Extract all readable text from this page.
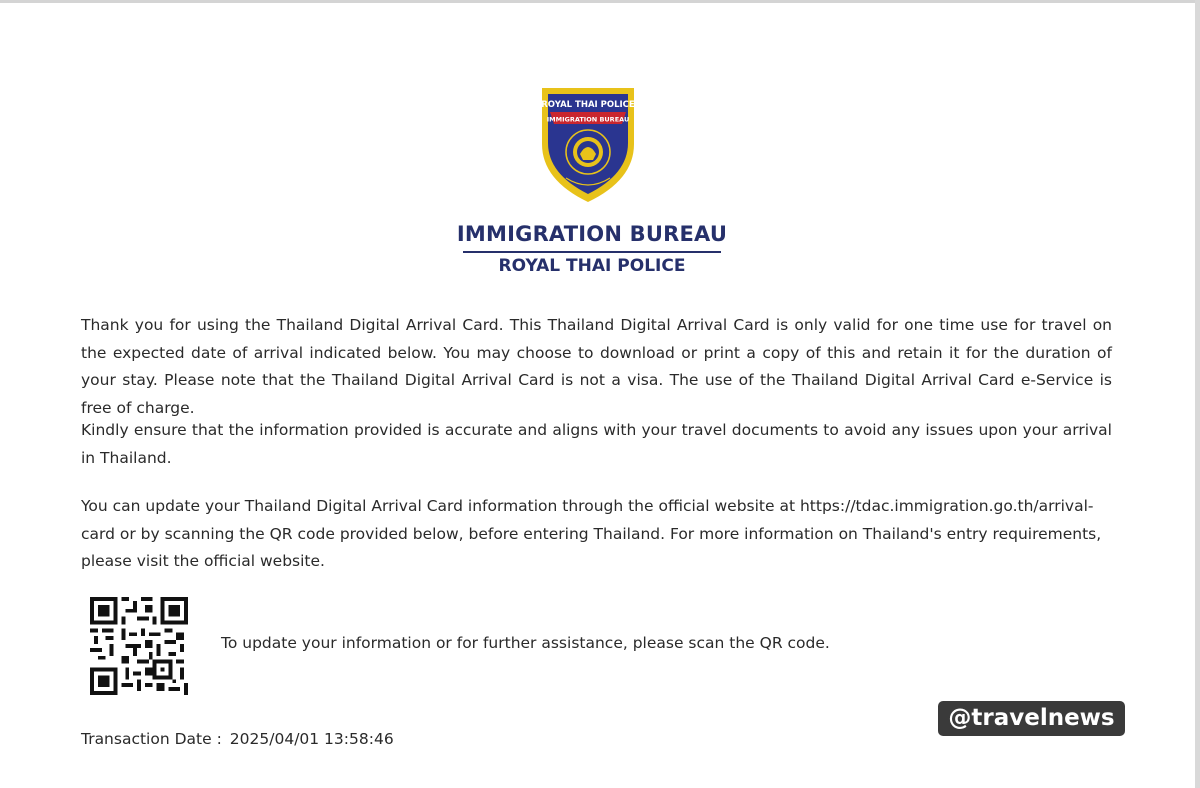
ROYAL THAI POLICE
IMMIGRATION BUREAU
IMMIGRATION BUREAU
ROYAL THAI POLICE

Thank you for using the Thailand Digital Arrival Card. This Thailand Digital Arrival Card is only valid for one time use for travel on the expected date of arrival indicated below. You may choose to download or print a copy of this and retain it for the duration of your stay. Please note that the Thailand Digital Arrival Card is not a visa. The use of the Thailand Digital Arrival Card e-Service is free of charge.

Kindly ensure that the information provided is accurate and aligns with your travel documents to avoid any issues upon your arrival in Thailand.

You can update your Thailand Digital Arrival Card information through the official website at https://tdac.immigration.go.th/arrival-card or by scanning the QR code provided below, before entering Thailand. For more information on Thailand's entry requirements, please visit the official website.

To update your information or for further assistance, please scan the QR code.
Transaction Date : 2025/04/01 13:58:46
@travelnews
